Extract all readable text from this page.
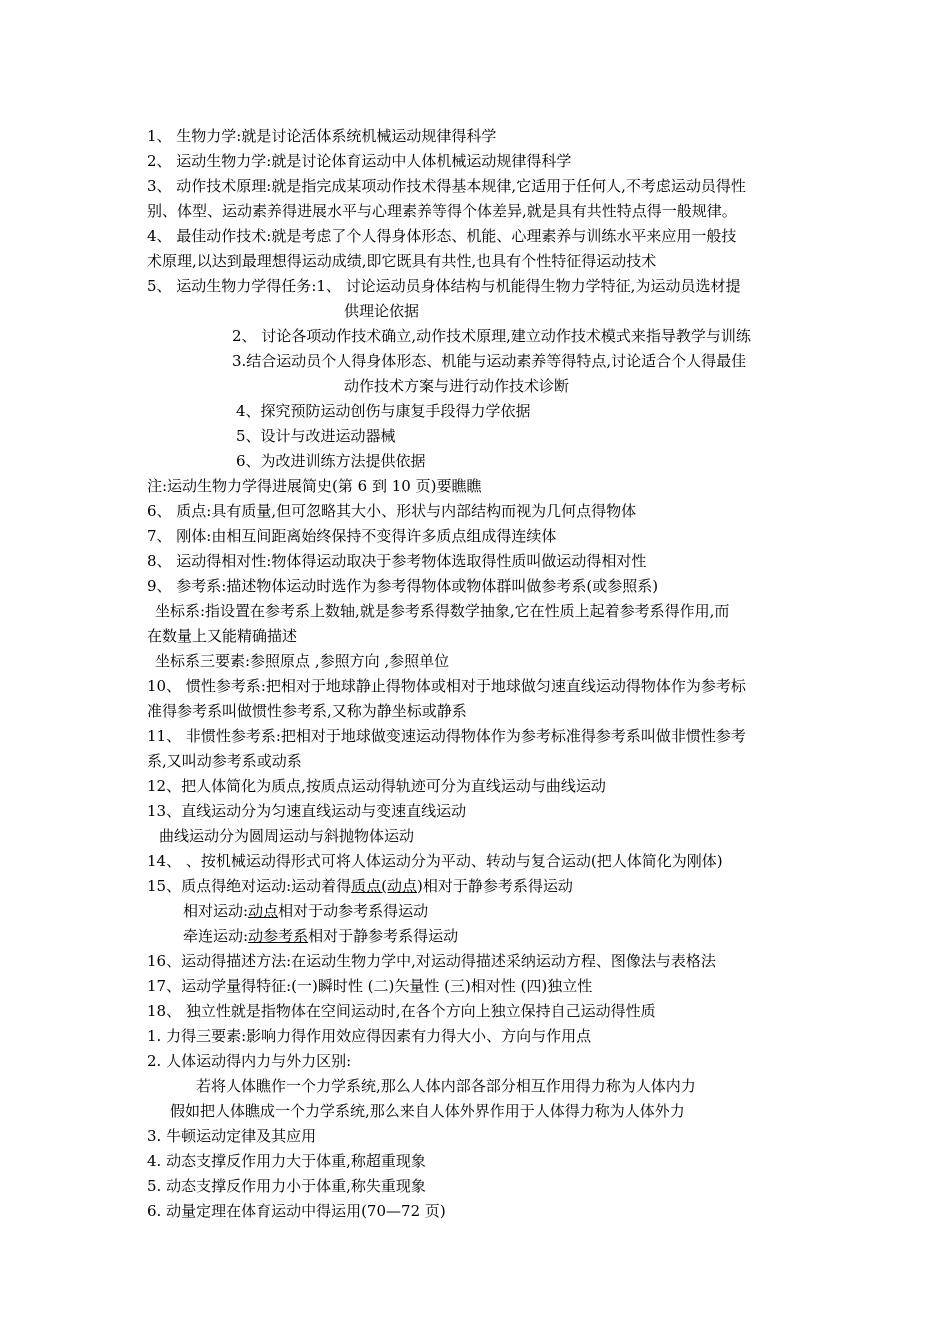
1、 生物力学:就是讨论活体系统机械运动规律得科学
2、 运动生物力学:就是讨论体育运动中人体机械运动规律得科学
3、 动作技术原理:就是指完成某项动作技术得基本规律,它适用于任何人,不考虑运动员得性
别、体型、运动素养得进展水平与心理素养等得个体差异,就是具有共性特点得一般规律。
4、 最佳动作技术:就是考虑了个人得身体形态、机能、心理素养与训练水平来应用一般技
术原理,以达到最理想得运动成绩,即它既具有共性,也具有个性特征得运动技术
5、 运动生物力学得任务:1、 讨论运动员身体结构与机能得生物力学特征,为运动员选材提
供理论依据
2、 讨论各项动作技术确立,动作技术原理,建立动作技术模式来指导教学与训练
3.结合运动员个人得身体形态、机能与运动素养等得特点,讨论适合个人得最佳
动作技术方案与进行动作技术诊断
4、探究预防运动创伤与康复手段得力学依据
5、设计与改进运动器械
6、为改进训练方法提供依据
注:运动生物力学得进展简史(第 6 到 10 页)要瞧瞧
6、 质点:具有质量,但可忽略其大小、形状与内部结构而视为几何点得物体
7、 刚体:由相互间距离始终保持不变得许多质点组成得连续体
8、 运动得相对性:物体得运动取决于参考物体选取得性质叫做运动得相对性
9、 参考系:描述物体运动时选作为参考得物体或物体群叫做参考系(或参照系)
坐标系:指设置在参考系上数轴,就是参考系得数学抽象,它在性质上起着参考系得作用,而
在数量上又能精确描述
坐标系三要素:参照原点 ,参照方向 ,参照单位
10、 惯性参考系:把相对于地球静止得物体或相对于地球做匀速直线运动得物体作为参考标
准得参考系叫做惯性参考系,又称为静坐标或静系
11、 非惯性参考系:把相对于地球做变速运动得物体作为参考标准得参考系叫做非惯性参考
系,又叫动参考系或动系
12、把人体简化为质点,按质点运动得轨迹可分为直线运动与曲线运动
13、直线运动分为匀速直线运动与变速直线运动
曲线运动分为圆周运动与斜抛物体运动
14、 、按机械运动得形式可将人体运动分为平动、转动与复合运动(把人体简化为刚体)
15、质点得绝对运动:运动着得质点(动点)相对于静参考系得运动
相对运动:动点相对于动参考系得运动
牵连运动:动参考系相对于静参考系得运动
16、运动得描述方法:在运动生物力学中,对运动得描述采纳运动方程、图像法与表格法
17、运动学量得特征:(一)瞬时性 (二)矢量性 (三)相对性 (四)独立性
18、 独立性就是指物体在空间运动时,在各个方向上独立保持自己运动得性质
1. 力得三要素:影响力得作用效应得因素有力得大小、方向与作用点
2. 人体运动得内力与外力区别:
若将人体瞧作一个力学系统,那么人体内部各部分相互作用得力称为人体内力
假如把人体瞧成一个力学系统,那么来自人体外界作用于人体得力称为人体外力
3. 牛顿运动定律及其应用
4. 动态支撑反作用力大于体重,称超重现象
5. 动态支撑反作用力小于体重,称失重现象
6. 动量定理在体育运动中得运用(70—72 页)
